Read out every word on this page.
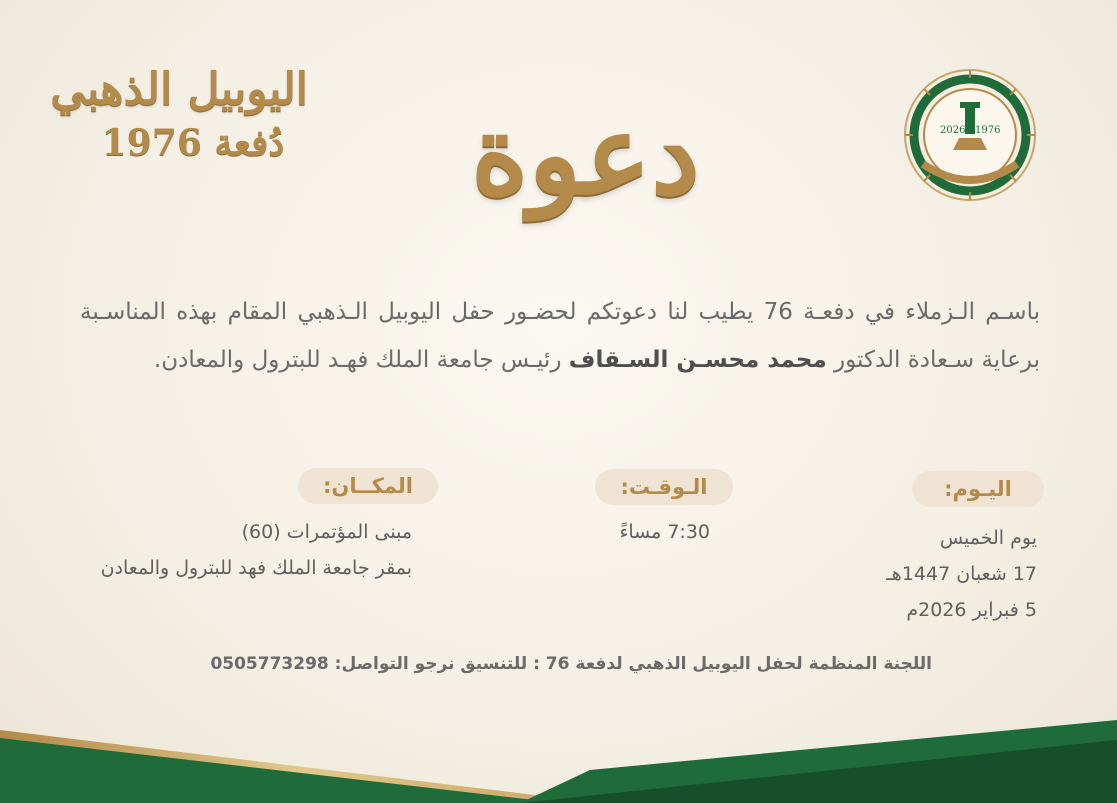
اليوبيل الذهبي
دُفعة 1976 دعوة	2026 1976
باسـم الـزملاء في دفعـة 76 يطيب لنا دعوتكم لحضـور حفل اليوبيل الـذهبي المقام بهذه المناسـبة برعاية سـعادة الدكتور محمد محسـن السـقاف رئيـس جامعة الملك فهـد للبترول والمعادن.
اليـوم:
الـوقـت:
المكــان:
يوم الخميس
17 شعبان 1447هـ
5 فبراير 2026م
7:30 مساءً
مبنى المؤتمرات (60)
بمقر جامعة الملك فهد للبترول والمعادن
اللجنة المنظمة لحفل اليوبيل الذهبي لدفعة 76 : للتنسيق نرجو التواصل: 0505773298
